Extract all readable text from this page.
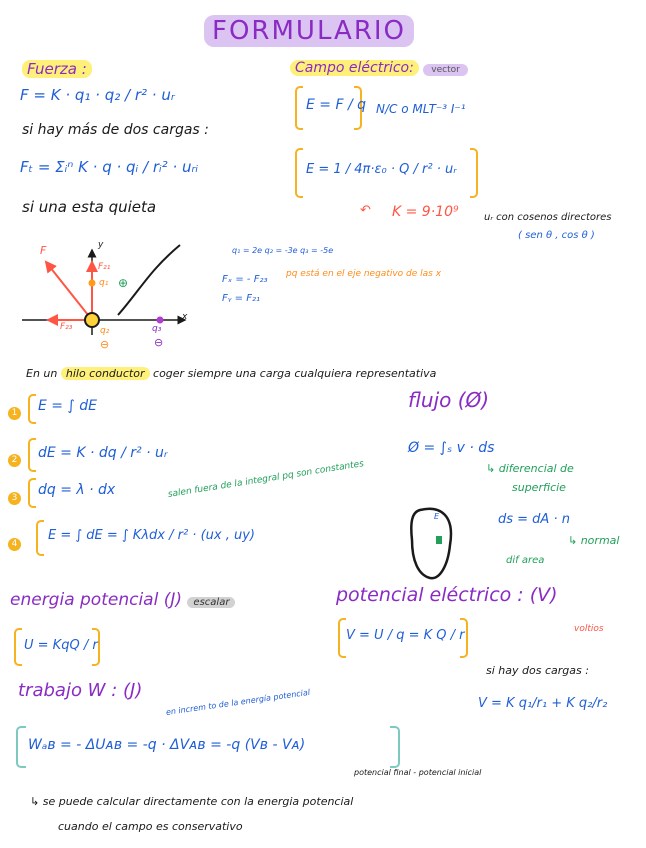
FORMULARIO
Fuerza :
F = K · q₁ · q₂ / r² · uᵣ
si hay más de dos cargas :
Fₜ = Σᵢⁿ K · q · qᵢ / rᵢ² · uᵣᵢ
si una esta quieta
Campo eléctrico: vector
E = F / q N/C o MLT⁻³ I⁻¹
E = 1 / 4π·ε₀ · Q / r² · uᵣ
↶ K = 9·10⁹	uᵣ con cosenos directores
( sen θ , cos θ )
F	y
x
F₂₁
q₁ ⊕
F₂₃	q₂
⊖
q₃
⊖
q₁ = 2e q₂ = -3e q₃ = -5e
Fₓ = - F₂₃ pq está en el eje negativo de las x
Fᵧ = F₂₁
En un hilo conductor coger siempre una carga cualquiera representativa
1 E = ∫ dE
2 dE = K · dq / r² · uᵣ
3 dq = λ · dx
4
E = ∫ dE = ∫ Kλdx / r² · (ux , uy)
salen fuera de la integral pq son constantes
flujo (Ø)
Ø = ∫ₛ v · ds
↳ diferencial de
superficie
E	ds = dA · n
↳ normal
dif area
energia potencial (J) escalar
U = KqQ / r
potencial eléctrico : (V)
voltios
V = U / q = K Q / r
si hay dos cargas :
V = K q₁/r₁ + K q₂/r₂
trabajo W : (J)	en increm to de la energía potencial
Wₐв = - ΔUᴀв = -q · ΔVᴀв = -q (Vв - Vᴀ)
potencial final - potencial inicial
↳ se puede calcular directamente con la energia potencial
cuando el campo es conservativo
